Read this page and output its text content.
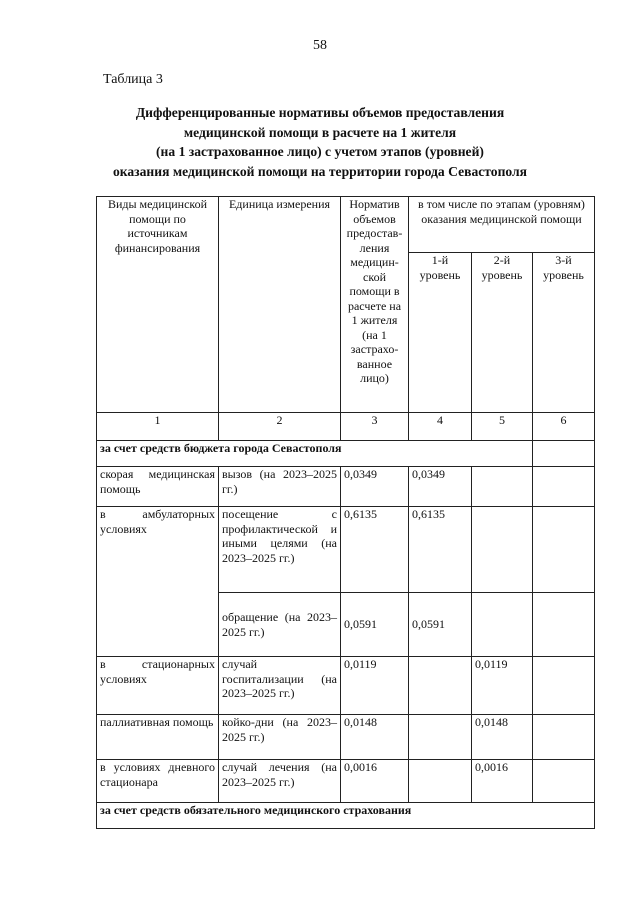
58
Таблица 3
Дифференцированные нормативы объемов предоставления
медицинской помощи в расчете на 1 жителя
(на 1 застрахованное лицо) с учетом этапов (уровней)
оказания медицинской помощи на территории города Севастополя
Виды медицинской помощи по источникам финансирования	Единица измерения	Норматив объемов предостав-ления медицин-ской помощи в расчете на 1 жителя (на 1 застрахо-ванное лицо)	в том числе по этапам (уровням) оказания медицинской помощи		
			1-й уровень	2-й уровень	3-й уровень
1	2	3	4	5	6
за счет средств бюджета города Севастополя					
скорая медицинская помощь	вызов (на 2023–2025 гг.)	0,0349	0,0349		
в амбулаторных условиях	посещение с профилактической и иными целями (на 2023–2025 гг.)	0,6135	0,6135		
	обращение (на 2023–2025 гг.)	0,0591	0,0591		
в стационарных условиях	случай госпитализации (на 2023–2025 гг.)	0,0119		0,0119	
паллиативная помощь	койко-дни (на 2023–2025 гг.)	0,0148		0,0148	
в условиях дневного стационара	случай лечения (на 2023–2025 гг.)	0,0016		0,0016	
за счет средств обязательного медицинского страхования					
